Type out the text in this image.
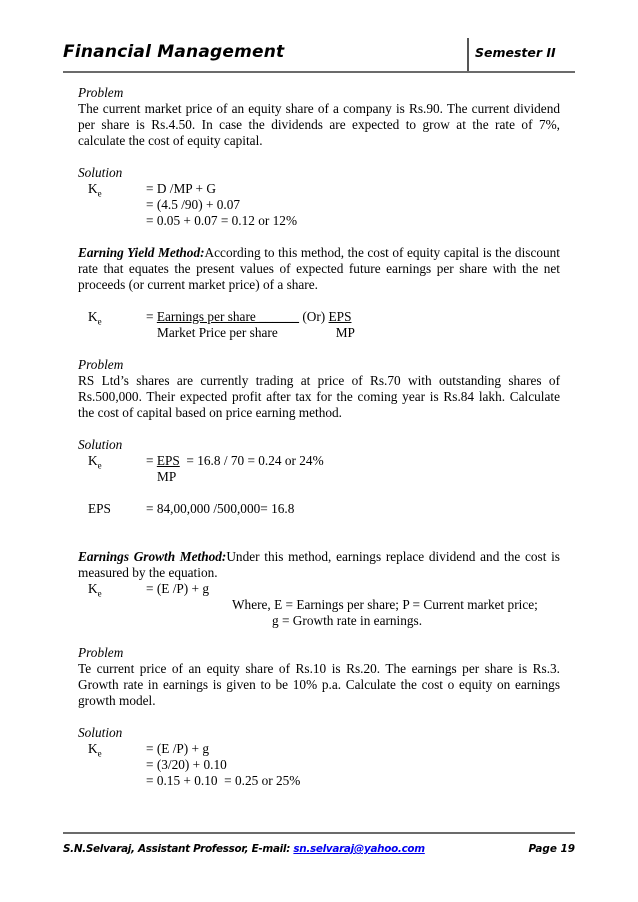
Financial Management	Semester II

Problem

The current market price of an equity share of a company is Rs.90. The current dividend per share is Rs.4.50. In case the dividends are expected to grow at the rate of 7%, calculate the cost of equity capital.

Solution

$K_e$	= D /MP + G

= (4.5 /90) + 0.07

= 0.05 + 0.07 = 0.12 or 12%

Earning Yield Method:According to this method, the cost of equity capital is the discount rate that equates the present values of expected future earnings per share with the net proceeds (or current market price) of a share.

$K_e$	= Earnings per share ______ (Or) EPS

Market Price per share	MP

Problem

RS Ltd’s shares are currently trading at price of Rs.70 with outstanding shares of Rs.500,000. Their expected profit after tax for the coming year is Rs.84 lakh. Calculate the cost of capital based on price earning method.

Solution

$K_e$	= EPS  = 16.8 / 70 = 0.24 or 24%

MP

EPS	= 84,00,000 /500,000= 16.8

Earnings Growth Method:Under this method, earnings replace dividend and the cost is measured by the equation.

$K_e$	= (E /P) + g

Where, E = Earnings per share; P = Current market price;

g = Growth rate in earnings.

Problem

Te current price of an equity share of Rs.10 is Rs.20. The earnings per share is Rs.3. Growth rate in earnings is given to be 10% p.a. Calculate the cost o equity on earnings growth model.

Solution

$K_e$	= (E /P) + g

= (3/20) + 0.10

= 0.15 + 0.10  = 0.25 or 25%

S.N.Selvaraj, Assistant Professor, E-mail: sn.selvaraj@yahoo.com	Page 19
